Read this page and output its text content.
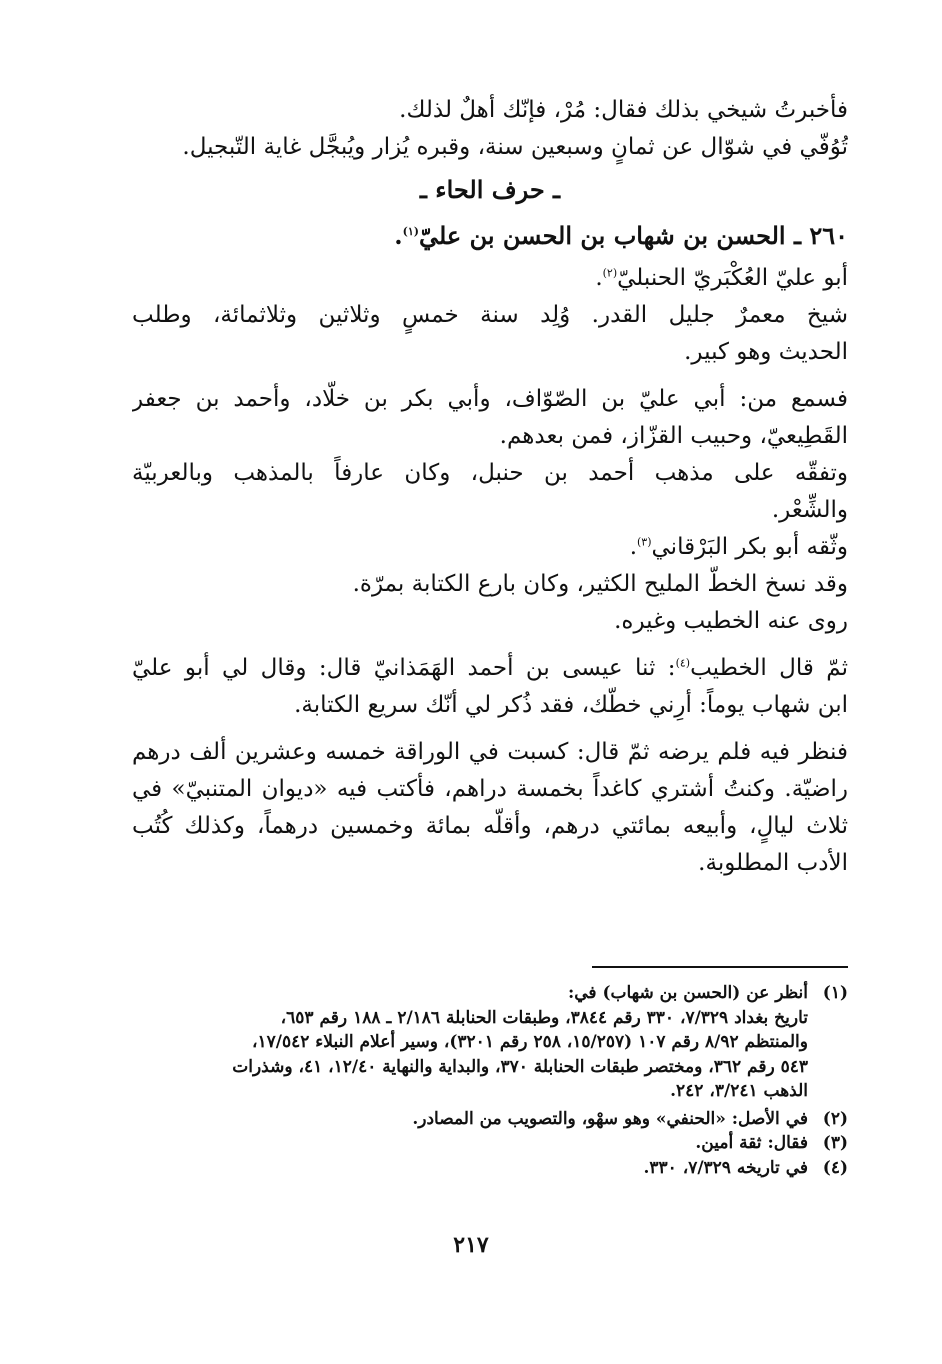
فأخبرتُ شيخي بذلك فقال: مُرْ، فإنّك أهلٌ لذلك.
تُوُفّي في شوّال عن ثمانٍ وسبعين سنة، وقبره يُزار ويُبجَّل غاية التّبجيل.
ـ حرف الحاء ـ
٢٦٠ ـ الحسن بن شهاب بن الحسن بن عليّ$^{(١)}$.
أبو عليّ العُكْبَريّ الحنبليّ$^{(٢)}$.
شيخ معمرٌ جليل القدر. وُلِد سنة خمسٍ وثلاثين وثلاثمائة، وطلب
الحديث وهو كبير.
فسمع من: أبي عليّ بن الصّوّاف، وأبي بكر بن خلّاد، وأحمد بن جعفر
القَطِيعيّ، وحبيب القزّاز، فمن بعدهم.
وتفقّه على مذهب أحمد بن حنبل، وكان عارفاً بالمذهب وبالعربيّة
والشِّعْر.
وثّقه أبو بكر البَرْقاني$^{(٣)}$.
وقد نسخ الخطّ المليح الكثير، وكان بارع الكتابة بمرّة.
روى عنه الخطيب وغيره.
ثمّ قال الخطيب$^{(٤)}$: ثنا عيسى بن أحمد الهَمَذانيّ قال: وقال لي أبو عليّ
ابن شهاب يوماً: أرِني خطّك، فقد ذُكر لي أنّك سريع الكتابة.
فنظر فيه فلم يرضه ثمّ قال: كسبت في الوراقة خمسه وعشرين ألف درهم
راضيّة. وكنتُ أشتري كاغداً بخمسة دراهم، فأكتب فيه «ديوان المتنبيّ» في
ثلاث ليالٍ، وأبيعه بمائتي درهم، وأقلّه بمائة وخمسين درهماً، وكذلك كُتُب
الأدب المطلوبة.
(١)
أنظر عن (الحسن بن شهاب) في:
تاريخ بغداد ٧/٣٢٩، ٣٣٠ رقم ٣٨٤٤، وطبقات الحنابلة ٢/١٨٦ ـ ١٨٨ رقم ٦٥٣،
والمنتظم ٨/٩٢ رقم ١٠٧ (١٥/٢٥٧، ٢٥٨ رقم ٣٢٠١)، وسير أعلام النبلاء ١٧/٥٤٢،
٥٤٣ رقم ٣٦٢، ومختصر طبقات الحنابلة ٣٧٠، والبداية والنهاية ١٢/٤٠، ٤١، وشذرات
الذهب ٣/٢٤١، ٢٤٢.
(٢)
في الأصل: «الحنفي» وهو سهْو، والتصويب من المصادر.
(٣)
فقال: ثقة أمين.
(٤)
في تاريخه ٧/٣٢٩، ٣٣٠.
٢١٧
